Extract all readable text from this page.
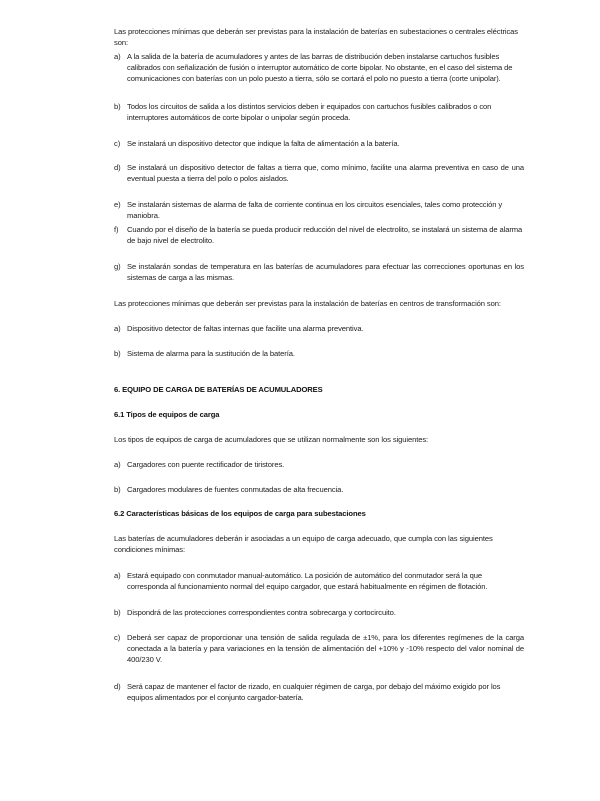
Las protecciones mínimas que deberán ser previstas para la instalación de baterías en subestaciones o centrales eléctricas son:

a) A la salida de la batería de acumuladores y antes de las barras de distribución deben instalarse cartuchos fusibles calibrados con señalización de fusión o interruptor automático de corte bipolar. No obstante, en el caso del sistema de comunicaciones con baterías con un polo puesto a tierra, sólo se cortará el polo no puesto a tierra (corte unipolar).
b) Todos los circuitos de salida a los distintos servicios deben ir equipados con cartuchos fusibles calibrados o con interruptores automáticos de corte bipolar o unipolar según proceda.
c) Se instalará un dispositivo detector que indique la falta de alimentación a la batería.
d) Se instalará un dispositivo detector de faltas a tierra que, como mínimo, facilite una alarma preventiva en caso de una eventual puesta a tierra del polo o polos aislados.
e) Se instalarán sistemas de alarma de falta de corriente continua en los circuitos esenciales, tales como protección y maniobra.
f)	Cuando por el diseño de la batería se pueda producir reducción del nivel de electrolito, se instalará un sistema de alarma de bajo nivel de electrolito.
g) Se instalarán sondas de temperatura en las baterías de acumuladores para efectuar las correcciones oportunas en los sistemas de carga a las mismas.

Las protecciones mínimas que deberán ser previstas para la instalación de baterías en centros de transformación son:

a) Dispositivo detector de faltas internas que facilite una alarma preventiva.
b) Sistema de alarma para la sustitución de la batería.

6. EQUIPO DE CARGA DE BATERÍAS DE ACUMULADORES

6.1 Tipos de equipos de carga

Los tipos de equipos de carga de acumuladores que se utilizan normalmente son los siguientes:

a) Cargadores con puente rectificador de tiristores.
b) Cargadores modulares de fuentes conmutadas de alta frecuencia.

6.2 Características básicas de los equipos de carga para subestaciones

Las baterías de acumuladores deberán ir asociadas a un equipo de carga adecuado, que cumpla con las siguientes condiciones mínimas:

a) Estará equipado con conmutador manual-automático. La posición de automático del conmutador será la que corresponda al funcionamiento normal del equipo cargador, que estará habitualmente en régimen de flotación.
b) Dispondrá de las protecciones correspondientes contra sobrecarga y cortocircuito.
c) Deberá ser capaz de proporcionar una tensión de salida regulada de ±1%, para los diferentes regímenes de la carga conectada a la batería y para variaciones en la tensión de alimentación del +10% y -10% respecto del valor nominal de 400/230 V.
d) Será capaz de mantener el factor de rizado, en cualquier régimen de carga, por debajo del máximo exigido por los equipos alimentados por el conjunto cargador-batería.
